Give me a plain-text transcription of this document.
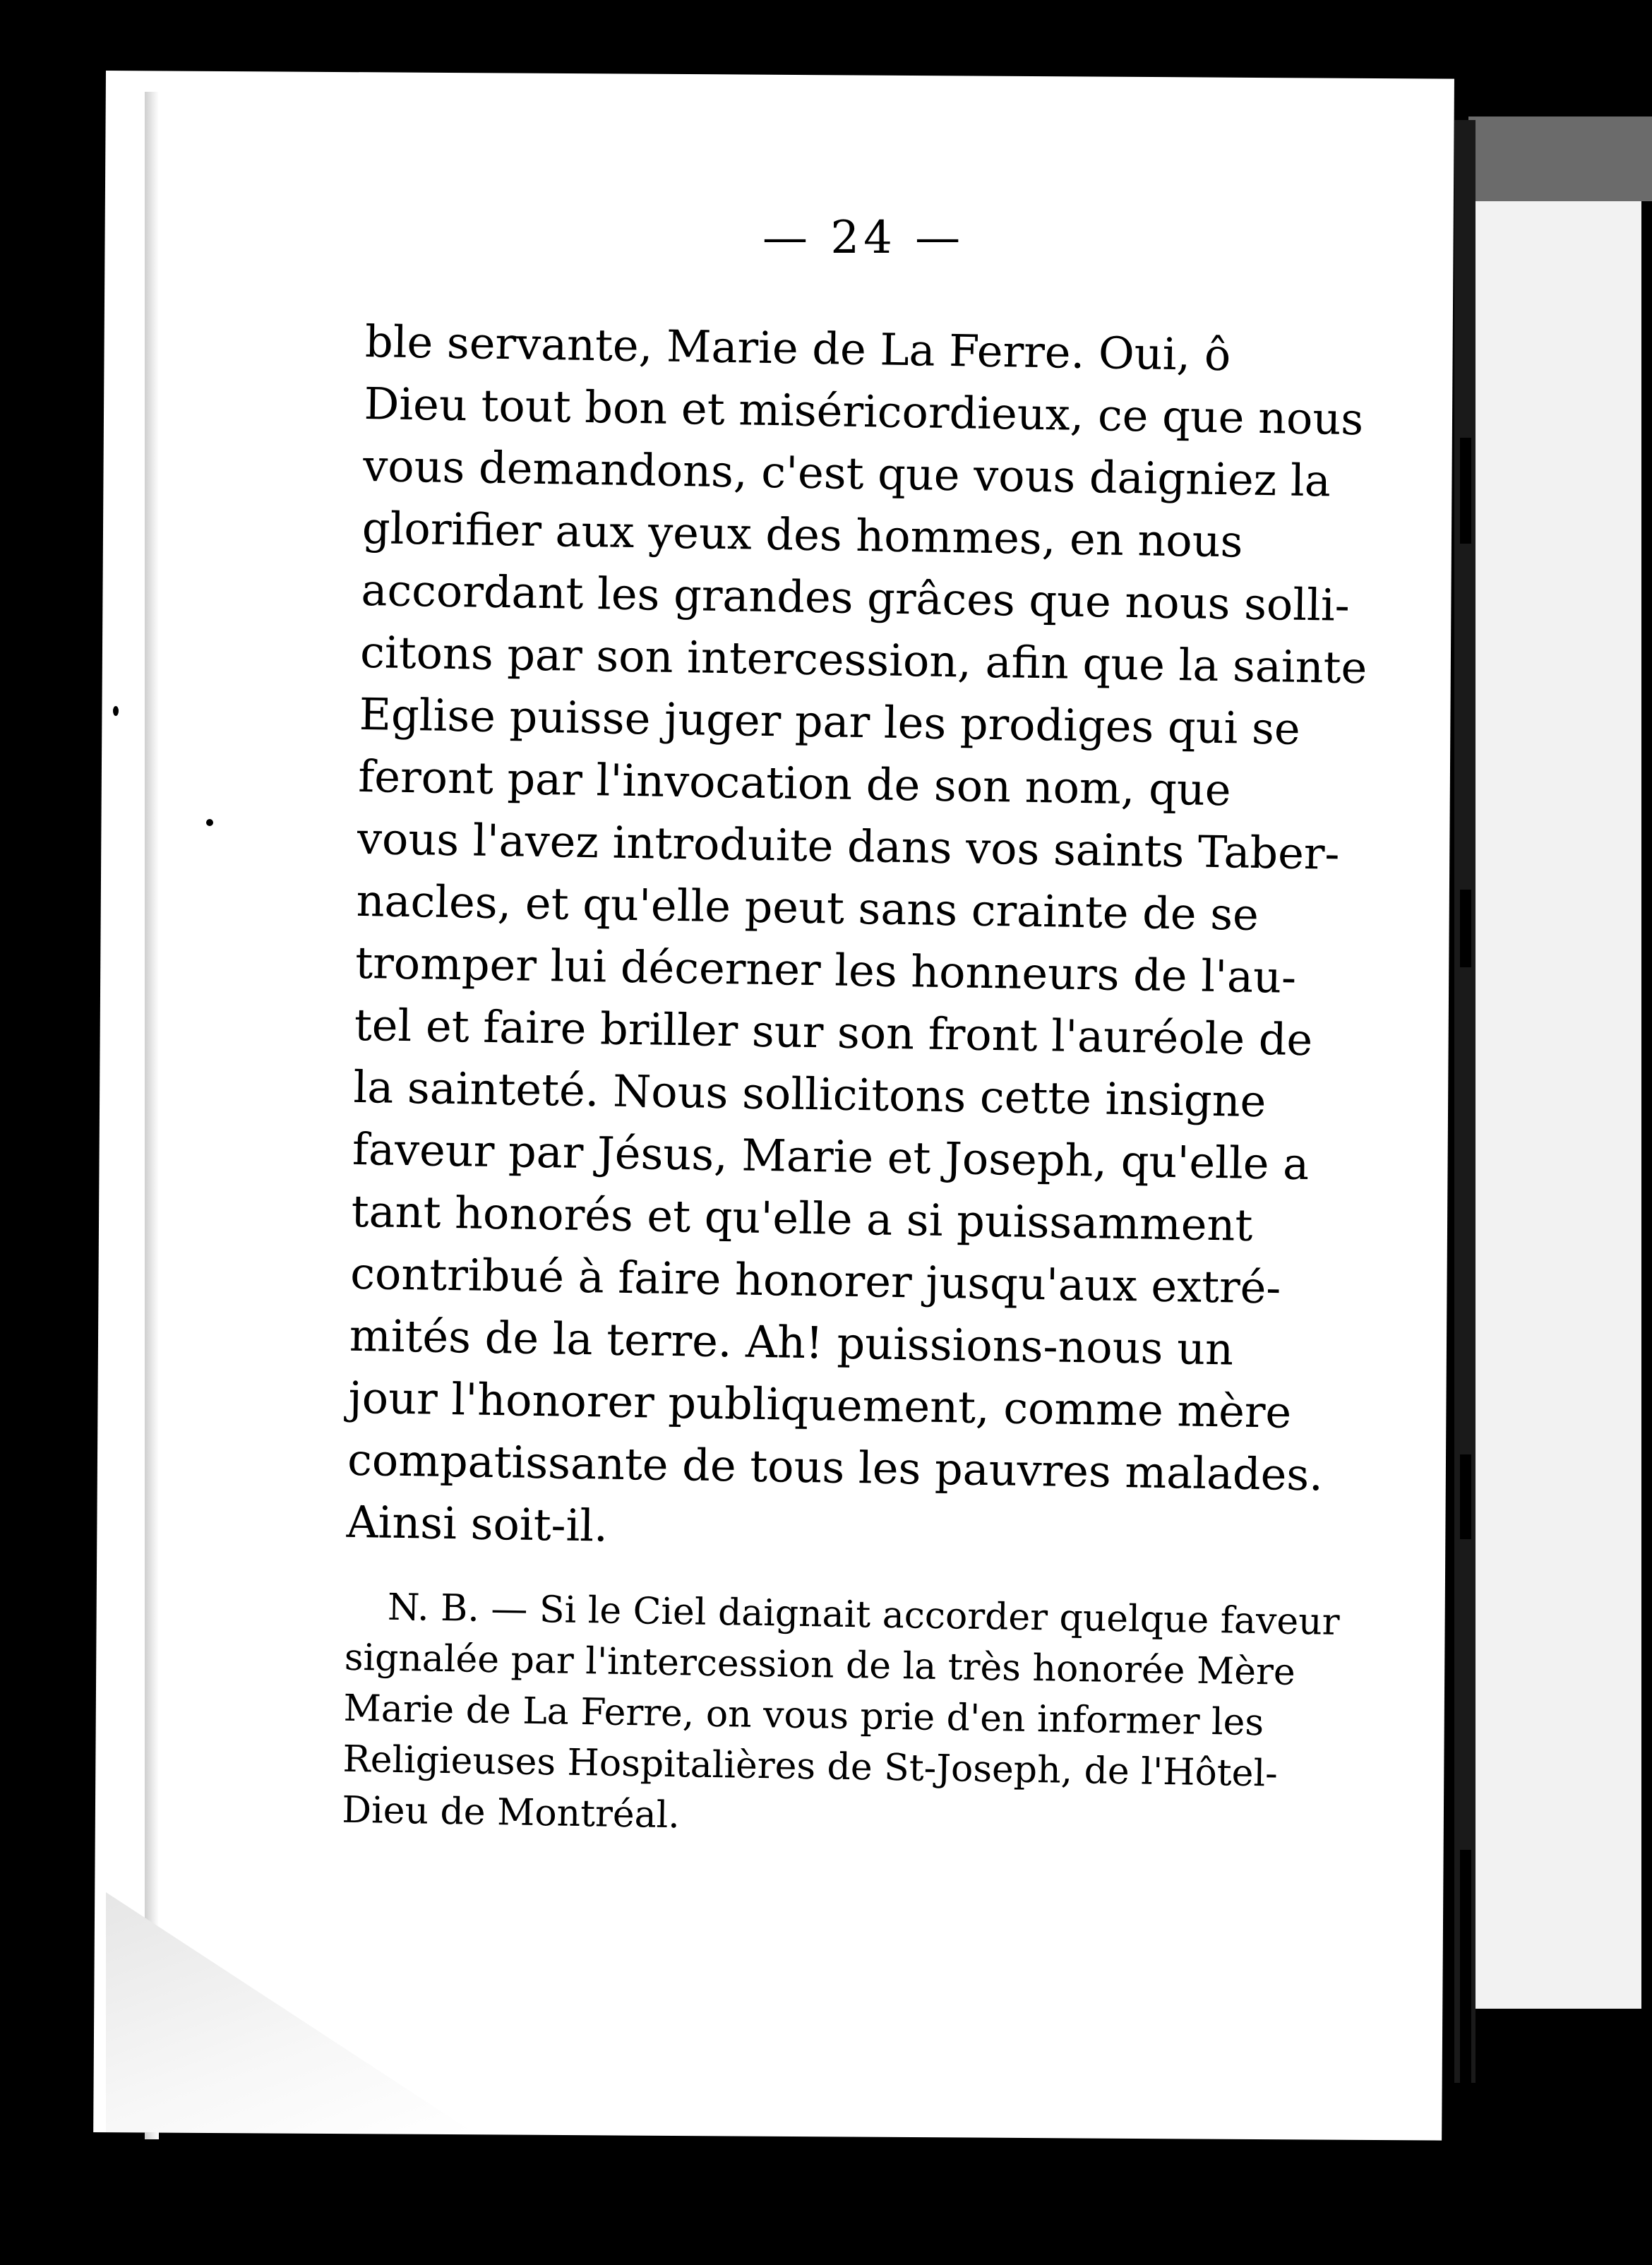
— 24 —
ble servante, Marie de La Ferre. Oui, ô
Dieu tout bon et miséricordieux, ce que nous
vous demandons, c'est que vous daigniez la
glorifier aux yeux des hommes, en nous
accordant les grandes grâces que nous solli-
citons par son intercession, afin que la sainte
Eglise puisse juger par les prodiges qui se
feront par l'invocation de son nom, que
vous l'avez introduite dans vos saints Taber-
nacles, et qu'elle peut sans crainte de se
tromper lui décerner les honneurs de l'au-
tel et faire briller sur son front l'auréole de
la sainteté. Nous sollicitons cette insigne
faveur par Jésus, Marie et Joseph, qu'elle a
tant honorés et qu'elle a si puissamment
contribué à faire honorer jusqu'aux extré-
mités de la terre. Ah! puissions-nous un
jour l'honorer publiquement, comme mère
compatissante de tous les pauvres malades.
Ainsi soit-il.
N. B. — Si le Ciel daignait accorder quelque faveur
signalée par l'intercession de la très honorée Mère
Marie de La Ferre, on vous prie d'en informer les
Religieuses Hospitalières de St-Joseph, de l'Hôtel-
Dieu de Montréal.
